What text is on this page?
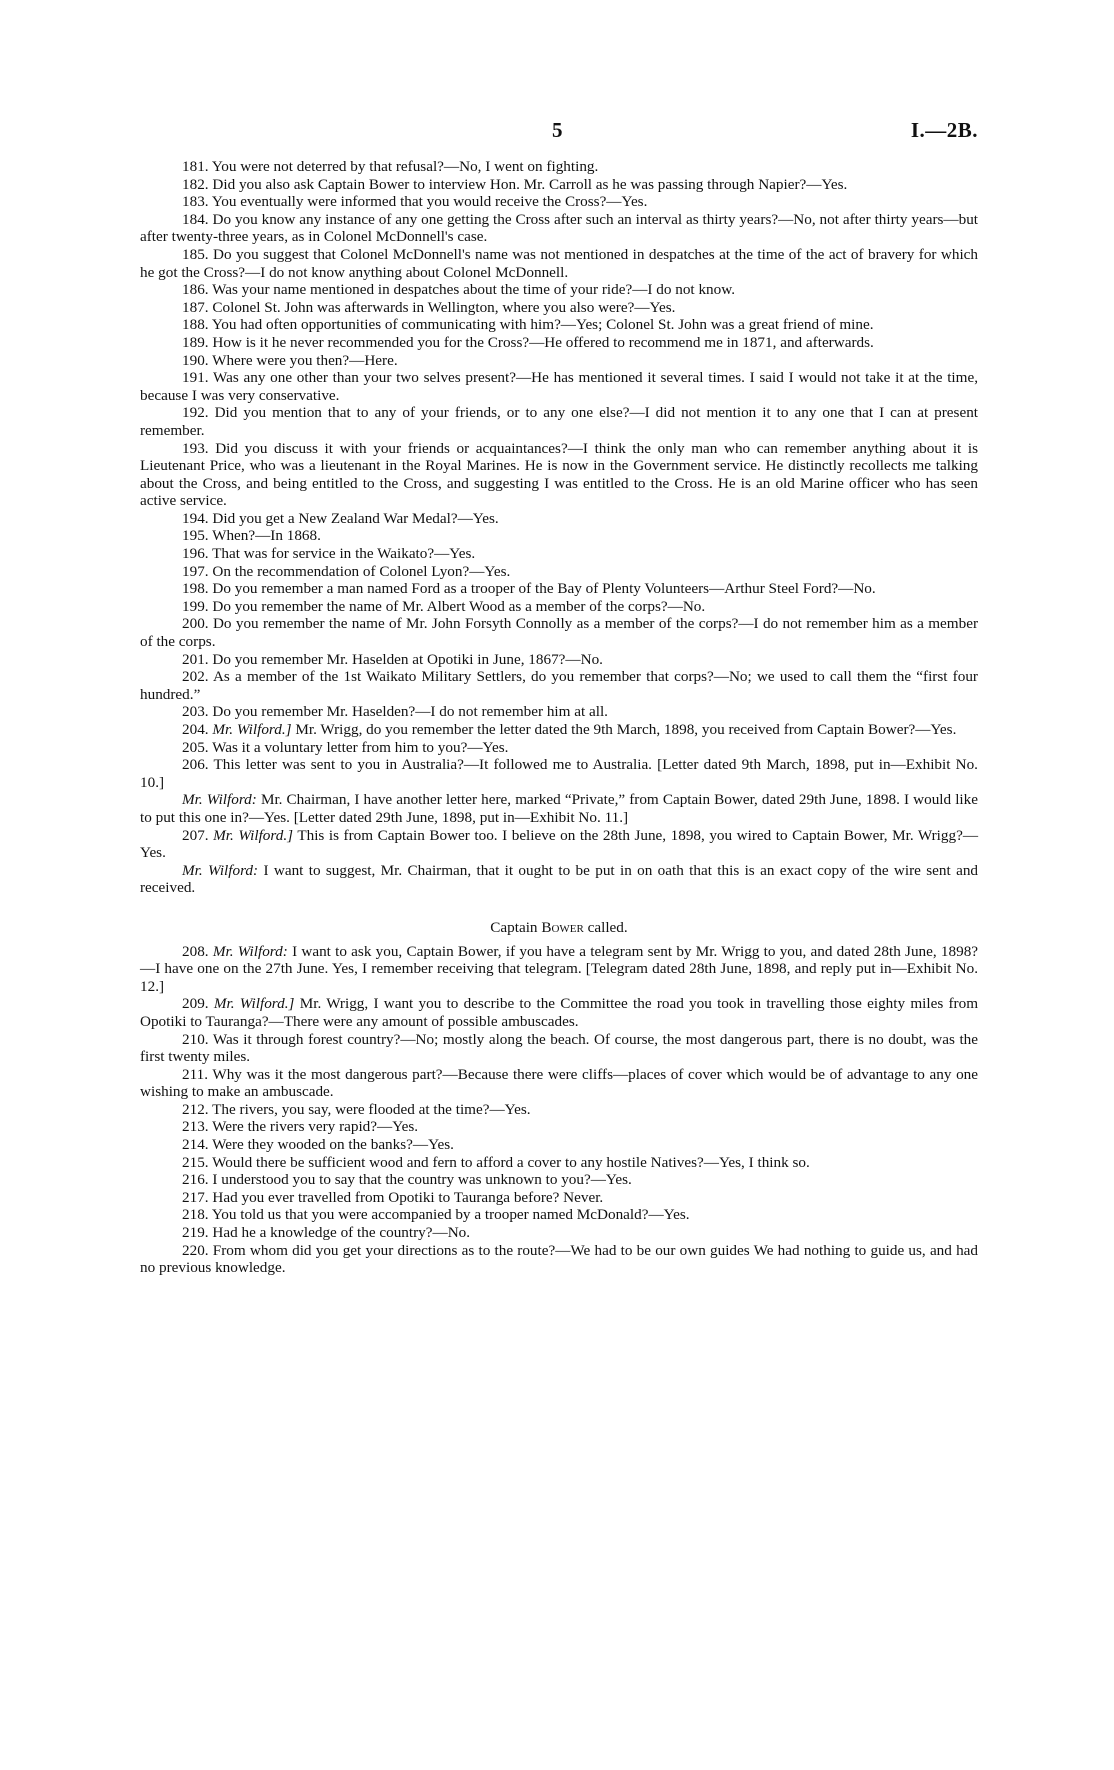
5	I.—2B.

181. You were not deterred by that refusal?—No, I went on fighting.

182. Did you also ask Captain Bower to interview Hon. Mr. Carroll as he was passing through Napier?—Yes.

183. You eventually were informed that you would receive the Cross?—Yes.

184. Do you know any instance of any one getting the Cross after such an interval as thirty years?—No, not after thirty years—but after twenty-three years, as in Colonel McDonnell's case.

185. Do you suggest that Colonel McDonnell's name was not mentioned in despatches at the time of the act of bravery for which he got the Cross?—I do not know anything about Colonel McDonnell.

186. Was your name mentioned in despatches about the time of your ride?—I do not know.

187. Colonel St. John was afterwards in Wellington, where you also were?—Yes.

188. You had often opportunities of communicating with him?—Yes; Colonel St. John was a great friend of mine.

189. How is it he never recommended you for the Cross?—He offered to recommend me in 1871, and afterwards.

190. Where were you then?—Here.

191. Was any one other than your two selves present?—He has mentioned it several times. I said I would not take it at the time, because I was very conservative.

192. Did you mention that to any of your friends, or to any one else?—I did not mention it to any one that I can at present remember.

193. Did you discuss it with your friends or acquaintances?—I think the only man who can remember anything about it is Lieutenant Price, who was a lieutenant in the Royal Marines. He is now in the Government service. He distinctly recollects me talking about the Cross, and being entitled to the Cross, and suggesting I was entitled to the Cross. He is an old Marine officer who has seen active service.

194. Did you get a New Zealand War Medal?—Yes.

195. When?—In 1868.

196. That was for service in the Waikato?—Yes.

197. On the recommendation of Colonel Lyon?—Yes.

198. Do you remember a man named Ford as a trooper of the Bay of Plenty Volunteers—Arthur Steel Ford?—No.

199. Do you remember the name of Mr. Albert Wood as a member of the corps?—No.

200. Do you remember the name of Mr. John Forsyth Connolly as a member of the corps?—I do not remember him as a member of the corps.

201. Do you remember Mr. Haselden at Opotiki in June, 1867?—No.

202. As a member of the 1st Waikato Military Settlers, do you remember that corps?—No; we used to call them the “first four hundred.”

203. Do you remember Mr. Haselden?—I do not remember him at all.

204. Mr. Wilford.] Mr. Wrigg, do you remember the letter dated the 9th March, 1898, you received from Captain Bower?—Yes.

205. Was it a voluntary letter from him to you?—Yes.

206. This letter was sent to you in Australia?—It followed me to Australia. [Letter dated 9th March, 1898, put in—Exhibit No. 10.]

Mr. Wilford: Mr. Chairman, I have another letter here, marked “Private,” from Captain Bower, dated 29th June, 1898. I would like to put this one in?—Yes. [Letter dated 29th June, 1898, put in—Exhibit No. 11.]

207. Mr. Wilford.] This is from Captain Bower too. I believe on the 28th June, 1898, you wired to Captain Bower, Mr. Wrigg?—Yes.

Mr. Wilford: I want to suggest, Mr. Chairman, that it ought to be put in on oath that this is an exact copy of the wire sent and received.

Captain Bower called.

208. Mr. Wilford: I want to ask you, Captain Bower, if you have a telegram sent by Mr. Wrigg to you, and dated 28th June, 1898?—I have one on the 27th June. Yes, I remember receiving that telegram. [Telegram dated 28th June, 1898, and reply put in—Exhibit No. 12.]

209. Mr. Wilford.] Mr. Wrigg, I want you to describe to the Committee the road you took in travelling those eighty miles from Opotiki to Tauranga?—There were any amount of possible ambuscades.

210. Was it through forest country?—No; mostly along the beach. Of course, the most dangerous part, there is no doubt, was the first twenty miles.

211. Why was it the most dangerous part?—Because there were cliffs—places of cover which would be of advantage to any one wishing to make an ambuscade.

212. The rivers, you say, were flooded at the time?—Yes.

213. Were the rivers very rapid?—Yes.

214. Were they wooded on the banks?—Yes.

215. Would there be sufficient wood and fern to afford a cover to any hostile Natives?—Yes, I think so.

216. I understood you to say that the country was unknown to you?—Yes.

217. Had you ever travelled from Opotiki to Tauranga before? Never.

218. You told us that you were accompanied by a trooper named McDonald?—Yes.

219. Had he a knowledge of the country?—No.

220. From whom did you get your directions as to the route?—We had to be our own guides We had nothing to guide us, and had no previous knowledge.
